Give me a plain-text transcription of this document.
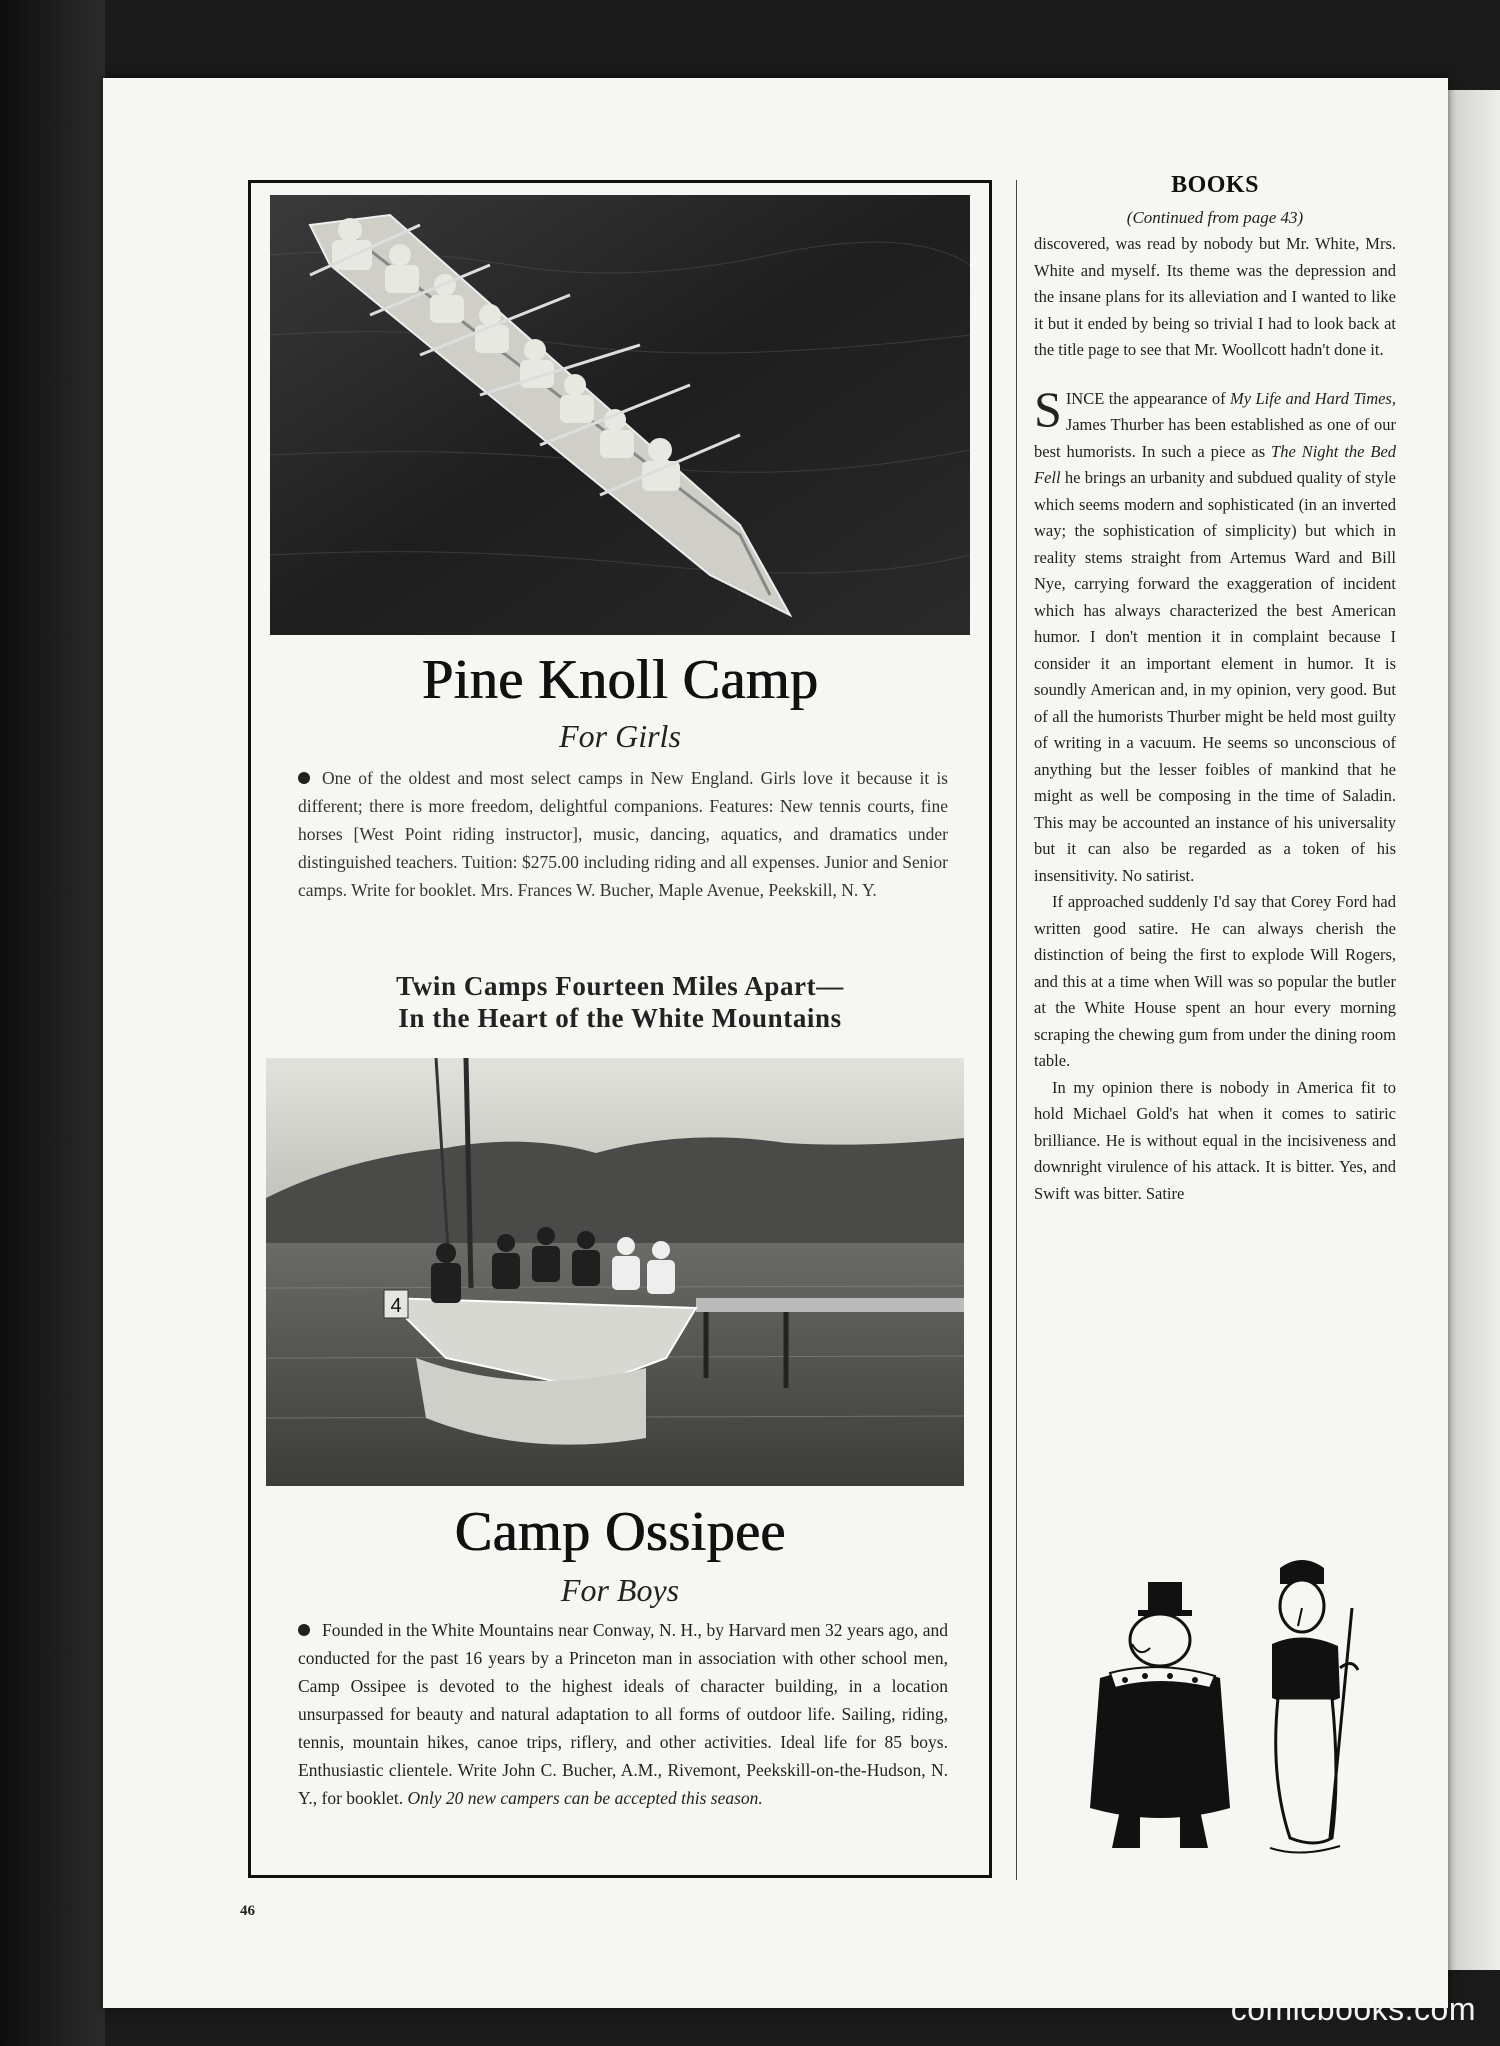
Pine Knoll Camp

For Girls

One of the oldest and most select camps in New England. Girls love it because it is different; there is more freedom, delightful companions. Features: New tennis courts, fine horses [West Point riding instructor], music, dancing, aquatics, and dramatics under distinguished teachers. Tuition: $275.00 including riding and all expenses. Junior and Senior camps. Write for booklet. Mrs. Frances W. Bucher, Maple Avenue, Peekskill, N. Y.

Twin Camps Fourteen Miles Apart—
In the Heart of the White Mountains
4
Camp Ossipee

For Boys

Founded in the White Mountains near Conway, N. H., by Harvard men 32 years ago, and conducted for the past 16 years by a Princeton man in association with other school men, Camp Ossipee is devoted to the highest ideals of character building, in a location unsurpassed for beauty and natural adaptation to all forms of outdoor life. Sailing, riding, tennis, mountain hikes, canoe trips, riflery, and other activities. Ideal life for 85 boys. Enthusiastic clientele. Write John C. Bucher, A.M., Rivemont, Peekskill-on-the-Hudson, N. Y., for booklet. Only 20 new campers can be accepted this season.

BOOKS

(Continued from page 43)

discovered, was read by nobody but Mr. White, Mrs. White and myself. Its theme was the depression and the insane plans for its alleviation and I wanted to like it but it ended by being so trivial I had to look back at the title page to see that Mr. Woollcott hadn't done it.

SINCE the appearance of My Life and Hard Times, James Thurber has been established as one of our best humorists. In such a piece as The Night the Bed Fell he brings an urbanity and subdued quality of style which seems modern and sophisticated (in an inverted way; the sophistication of simplicity) but which in reality stems straight from Artemus Ward and Bill Nye, carrying forward the exaggeration of incident which has always characterized the best American humor. I don't mention it in complaint because I consider it an important element in humor. It is soundly American and, in my opinion, very good. But of all the humorists Thurber might be held most guilty of writing in a vacuum. He seems so unconscious of anything but the lesser foibles of mankind that he might as well be composing in the time of Saladin. This may be accounted an instance of his universality but it can also be regarded as a token of his insensitivity. No satirist.

If approached suddenly I'd say that Corey Ford had written good satire. He can always cherish the distinction of being the first to explode Will Rogers, and this at a time when Will was so popular the butler at the White House spent an hour every morning scraping the chewing gum from under the dining room table.

In my opinion there is nobody in America fit to hold Michael Gold's hat when it comes to satiric brilliance. He is without equal in the incisiveness and downright virulence of his attack. It is bitter. Yes, and Swift was bitter. Satire

46
comicbooks.com
